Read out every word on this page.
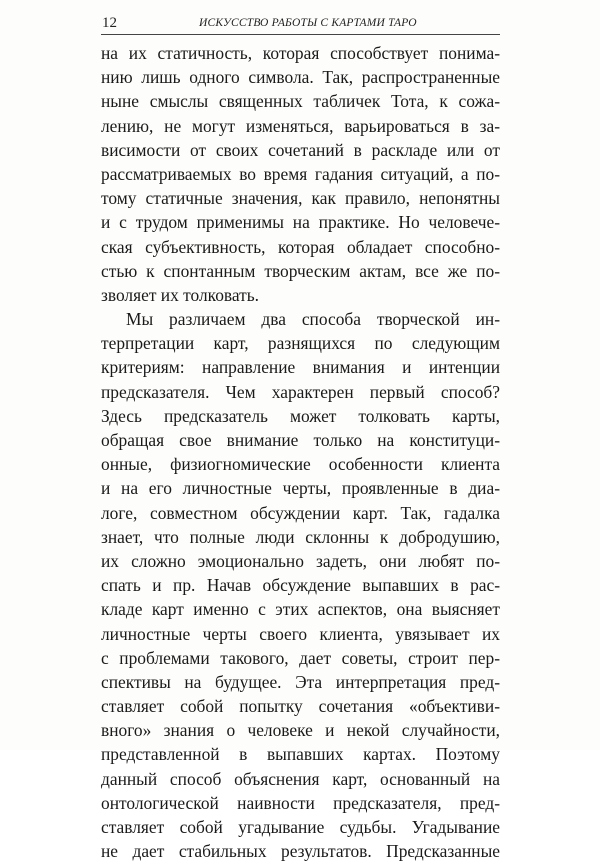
12	ИСКУССТВО РАБОТЫ С КАРТАМИ ТАРО
на их статичность, которая способствует понима-
нию лишь одного символа. Так, распространенные
ныне смыслы священных табличек Тота, к сожа-
лению, не могут изменяться, варьироваться в за-
висимости от своих сочетаний в раскладе или от
рассматриваемых во время гадания ситуаций, а по-
тому статичные значения, как правило, непонятны
и с трудом применимы на практике. Но человече-
ская субъективность, которая обладает способно-
стью к спонтанным творческим актам, все же по-
зволяет их толковать.
Мы различаем два способа творческой ин-
терпретации карт, разнящихся по следующим
критериям: направление внимания и интенции
предсказателя. Чем характерен первый способ?
Здесь предсказатель может толковать карты,
обращая свое внимание только на конституци-
онные, физиогномические особенности клиента
и на его личностные черты, проявленные в диа-
логе, совместном обсуждении карт. Так, гадалка
знает, что полные люди склонны к добродушию,
их сложно эмоционально задеть, они любят по-
спать и пр. Начав обсуждение выпавших в рас-
кладе карт именно с этих аспектов, она выясняет
личностные черты своего клиента, увязывает их
с проблемами такового, дает советы, строит пер-
спективы на будущее. Эта интерпретация пред-
ставляет собой попытку сочетания «объективи-
вного» знания о человеке и некой случайности,
представленной в выпавших картах. Поэтому
данный способ объяснения карт, основанный на
онтологической наивности предсказателя, пред-
ставляет собой угадывание судьбы. Угадывание
не дает стабильных результатов. Предсказанные
